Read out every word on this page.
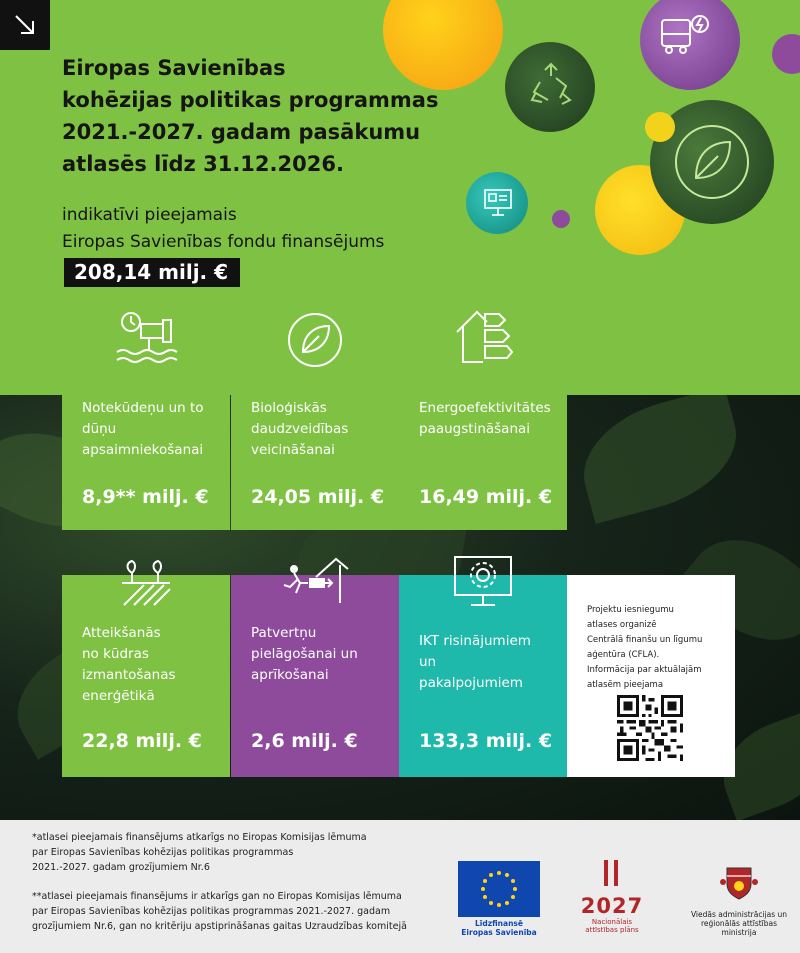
Eiropas Savienības
kohēzijas politikas programmas
2021.-2027. gadam pasākumu
atlasēs līdz 31.12.2026.
indikatīvi pieejamais
Eiropas Savienības fondu finansējums
208,14 milj. €
Notekūdeņu un to dūņu apsaimniekošanai
8,9** milj. €
Bioloģiskās daudzveidības veicināšanai
24,05 milj. €
Energoefektivitātes paaugstināšanai
16,49 milj. €
Atteikšanās no kūdras izmantošanas enerģētikā
22,8 milj. €
Patvertņu pielāgošanai un aprīkošanai
2,6 milj. €
IKT risinājumiem un pakalpojumiem
133,3 milj. €
Projektu iesniegumu
atlases organizē
Centrālā finanšu un līgumu
aģentūra (CFLA).
Informācija par aktuālajām
atlasēm pieejama
*atlasei pieejamais finansējums atkarīgs no Eiropas Komisijas lēmuma
par Eiropas Savienības kohēzijas politikas programmas
2021.-2027. gadam grozījumiem Nr.6
**atlasei pieejamais finansējums ir atkarīgs gan no Eiropas Komisijas lēmuma
par Eiropas Savienības kohēzijas politikas programmas 2021.-2027. gadam
grozījumiem Nr.6, gan no kritēriju apstiprināšanas gaitas Uzraudzības komitejā	Līdzfinansē
Eiropas Savienība
2027
Nacionālais
attīstības plāns
Viedās administrācijas un
reģionālās attīstības
ministrija
